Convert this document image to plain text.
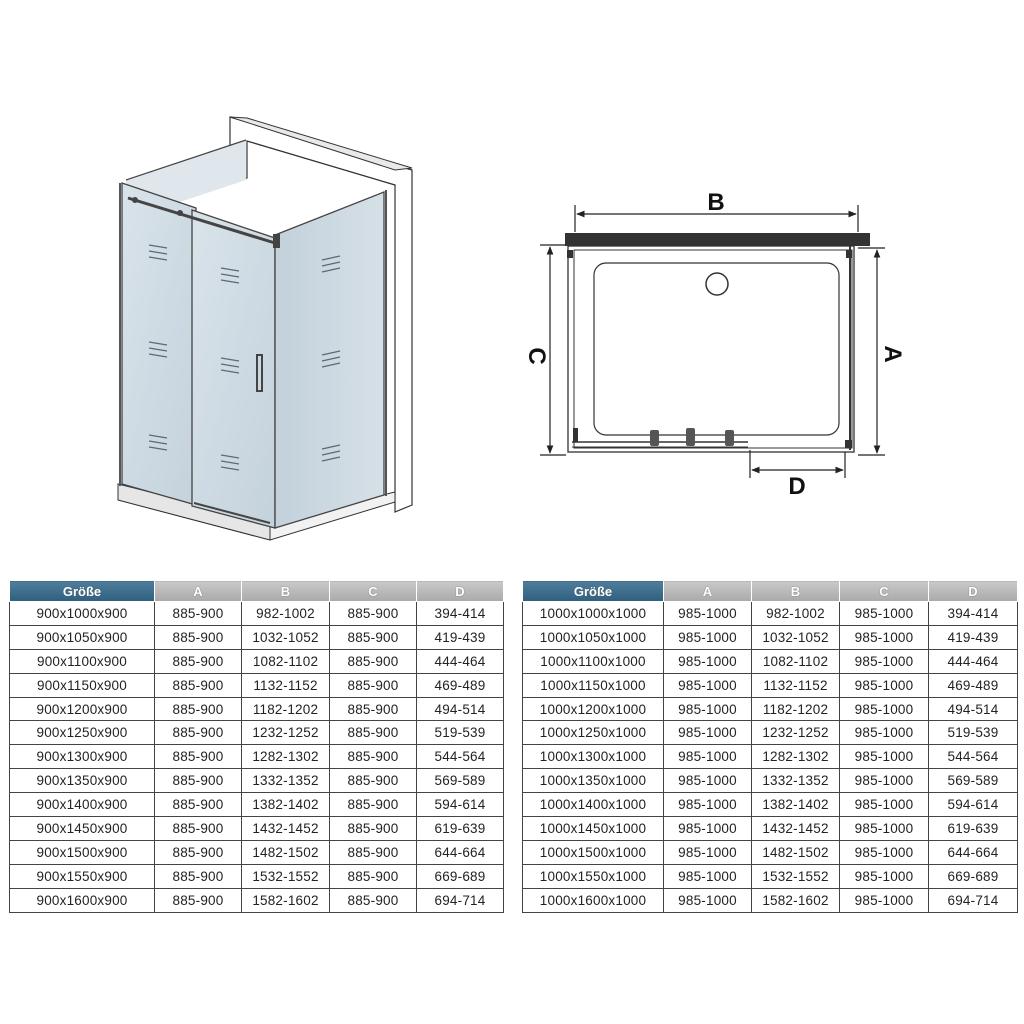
B
C	A
D
Größe	A	B	C	D
900x1000x900	885-900	982-1002	885-900	394-414
900x1050x900	885-900	1032-1052	885-900	419-439
900x1100x900	885-900	1082-1102	885-900	444-464
900x1150x900	885-900	1132-1152	885-900	469-489
900x1200x900	885-900	1182-1202	885-900	494-514
900x1250x900	885-900	1232-1252	885-900	519-539
900x1300x900	885-900	1282-1302	885-900	544-564
900x1350x900	885-900	1332-1352	885-900	569-589
900x1400x900	885-900	1382-1402	885-900	594-614
900x1450x900	885-900	1432-1452	885-900	619-639
900x1500x900	885-900	1482-1502	885-900	644-664
900x1550x900	885-900	1532-1552	885-900	669-689
900x1600x900	885-900	1582-1602	885-900	694-714
Größe	A	B	C	D
1000x1000x1000	985-1000	982-1002	985-1000	394-414
1000x1050x1000	985-1000	1032-1052	985-1000	419-439
1000x1100x1000	985-1000	1082-1102	985-1000	444-464
1000x1150x1000	985-1000	1132-1152	985-1000	469-489
1000x1200x1000	985-1000	1182-1202	985-1000	494-514
1000x1250x1000	985-1000	1232-1252	985-1000	519-539
1000x1300x1000	985-1000	1282-1302	985-1000	544-564
1000x1350x1000	985-1000	1332-1352	985-1000	569-589
1000x1400x1000	985-1000	1382-1402	985-1000	594-614
1000x1450x1000	985-1000	1432-1452	985-1000	619-639
1000x1500x1000	985-1000	1482-1502	985-1000	644-664
1000x1550x1000	985-1000	1532-1552	985-1000	669-689
1000x1600x1000	985-1000	1582-1602	985-1000	694-714
